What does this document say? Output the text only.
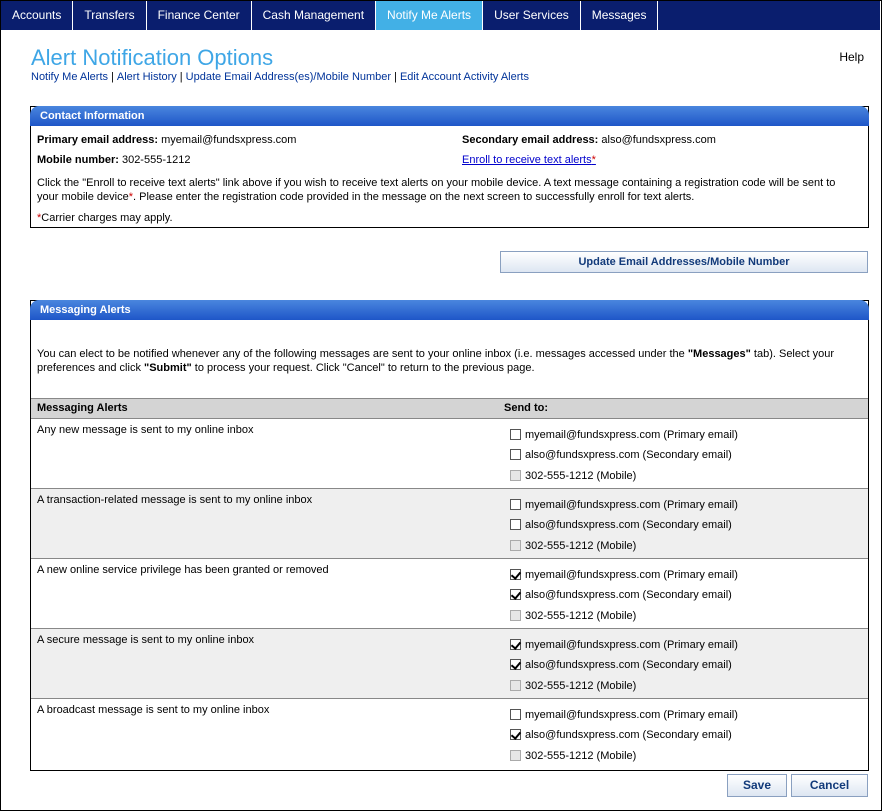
Accounts	Transfers	Finance Center	Cash Management	Notify Me Alerts	User Services	Messages
Alert Notification Options	Help
Notify Me Alerts | Alert History | Update Email Address(es)/Mobile Number | Edit Account Activity Alerts
Contact Information
Primary email address: myemail@fundsxpress.com	Secondary email address: also@fundsxpress.com
Mobile number: 302-555-1212	Enroll to receive text alerts*
Click the "Enroll to receive text alerts" link above if you wish to receive text alerts on your mobile device. A text message containing a registration code will be sent to your mobile device*. Please enter the registration code provided in the message on the next screen to successfully enroll for text alerts.
*Carrier charges may apply.
Update Email Addresses/Mobile Number
Messaging Alerts
You can elect to be notified whenever any of the following messages are sent to your online inbox (i.e. messages accessed under the "Messages" tab). Select your preferences and click "Submit" to process your request. Click "Cancel" to return to the previous page.
Messaging Alerts	Send to:
Any new message is sent to my online inbox	myemail@fundsxpress.com (Primary email)
also@fundsxpress.com (Secondary email)
302-555-1212 (Mobile)
A transaction-related message is sent to my online inbox	myemail@fundsxpress.com (Primary email)
also@fundsxpress.com (Secondary email)
302-555-1212 (Mobile)
A new online service privilege has been granted or removed	myemail@fundsxpress.com (Primary email)
also@fundsxpress.com (Secondary email)
302-555-1212 (Mobile)
A secure message is sent to my online inbox	myemail@fundsxpress.com (Primary email)
also@fundsxpress.com (Secondary email)
302-555-1212 (Mobile)
A broadcast message is sent to my online inbox	myemail@fundsxpress.com (Primary email)
also@fundsxpress.com (Secondary email)
302-555-1212 (Mobile)
Save	Cancel
